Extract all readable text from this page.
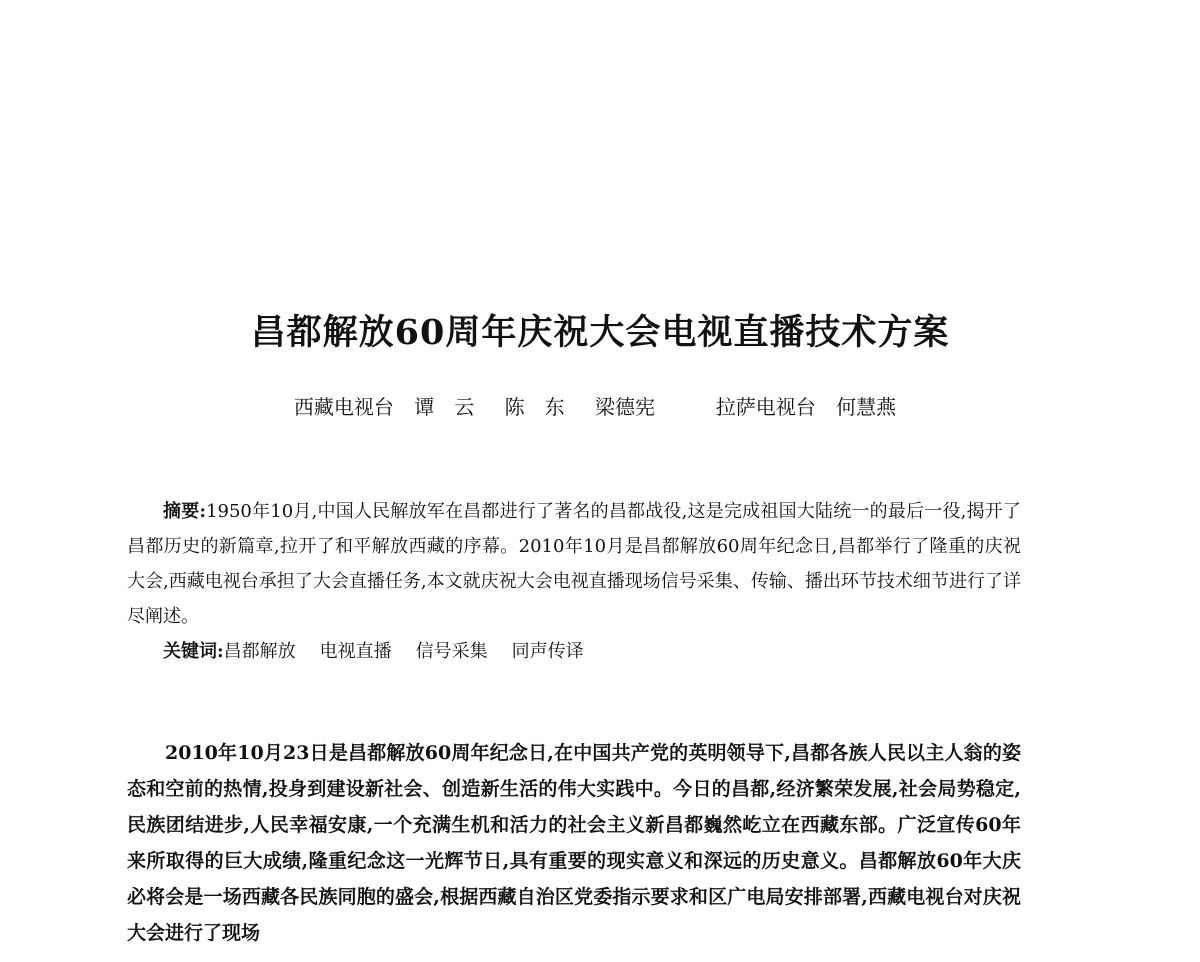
昌都解放60周年庆祝大会电视直播技术方案
西藏电视台 谭　云 陈　东 梁德宪	拉萨电视台 何慧燕

摘要:1950年10月,中国人民解放军在昌都进行了著名的昌都战役,这是完成祖国大陆统一的最后一役,揭开了昌都历史的新篇章,拉开了和平解放西藏的序幕。2010年10月是昌都解放60周年纪念日,昌都举行了隆重的庆祝大会,西藏电视台承担了大会直播任务,本文就庆祝大会电视直播现场信号采集、传输、播出环节技术细节进行了详尽阐述。

关键词:昌都解放 电视直播 信号采集 同声传译

2010年10月23日是昌都解放60周年纪念日,在中国共产党的英明领导下,昌都各族人民以主人翁的姿态和空前的热情,投身到建设新社会、创造新生活的伟大实践中。今日的昌都,经济繁荣发展,社会局势稳定,民族团结进步,人民幸福安康,一个充满生机和活力的社会主义新昌都巍然屹立在西藏东部。广泛宣传60年来所取得的巨大成绩,隆重纪念这一光辉节日,具有重要的现实意义和深远的历史意义。昌都解放60年大庆必将会是一场西藏各民族同胞的盛会,根据西藏自治区党委指示要求和区广电局安排部署,西藏电视台对庆祝大会进行了现场
